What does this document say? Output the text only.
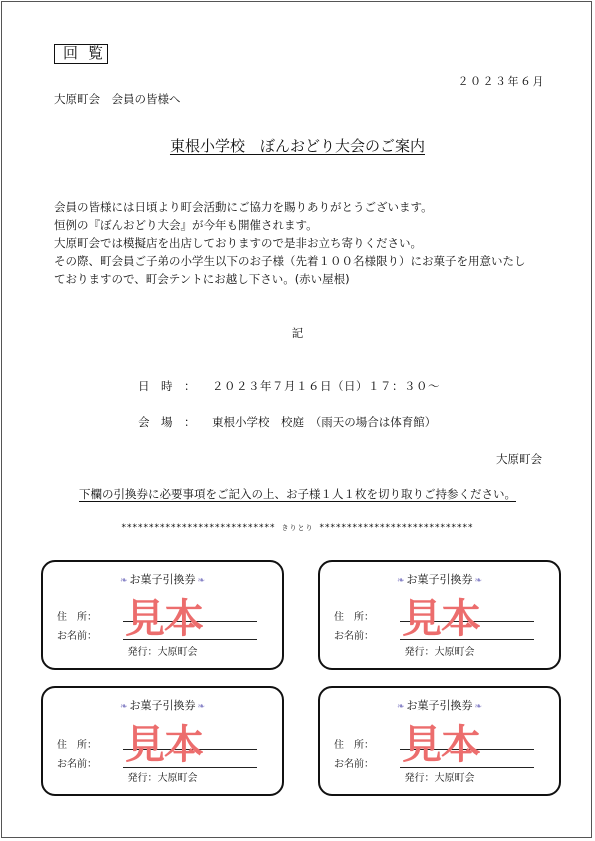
回覧
２０２３年６月
大原町会　会員の皆様へ
東根小学校　ぼんおどり大会のご案内
会員の皆様には日頃より町会活動にご協力を賜りありがとうございます。
恒例の『ぼんおどり大会』が今年も開催されます。
大原町会では模擬店を出店しておりますので是非お立ち寄りください。
その際、町会員ご子弟の小学生以下のお子様（先着１００名様限り）にお菓子を用意いたし
ておりますので、町会テントにお越し下さい。(赤い屋根)
記
日　時　： ２０２３年７月１６日（日）１７：３０〜
会　場　： 東根小学校　校庭　（雨天の場合は体育館）
大原町会
下欄の引換券に必要事項をご記入の上、お子様１人１枚を切り取りご持参ください。
**************************** きりとり ****************************
❧ お菓子引換券 ❧
住　所：
お名前：
発行：大原町会
見本
❧ お菓子引換券 ❧
住　所：
お名前：
発行：大原町会
見本
❧ お菓子引換券 ❧
住　所：
お名前：
発行：大原町会
見本
❧ お菓子引換券 ❧
住　所：
お名前：
発行：大原町会
見本
